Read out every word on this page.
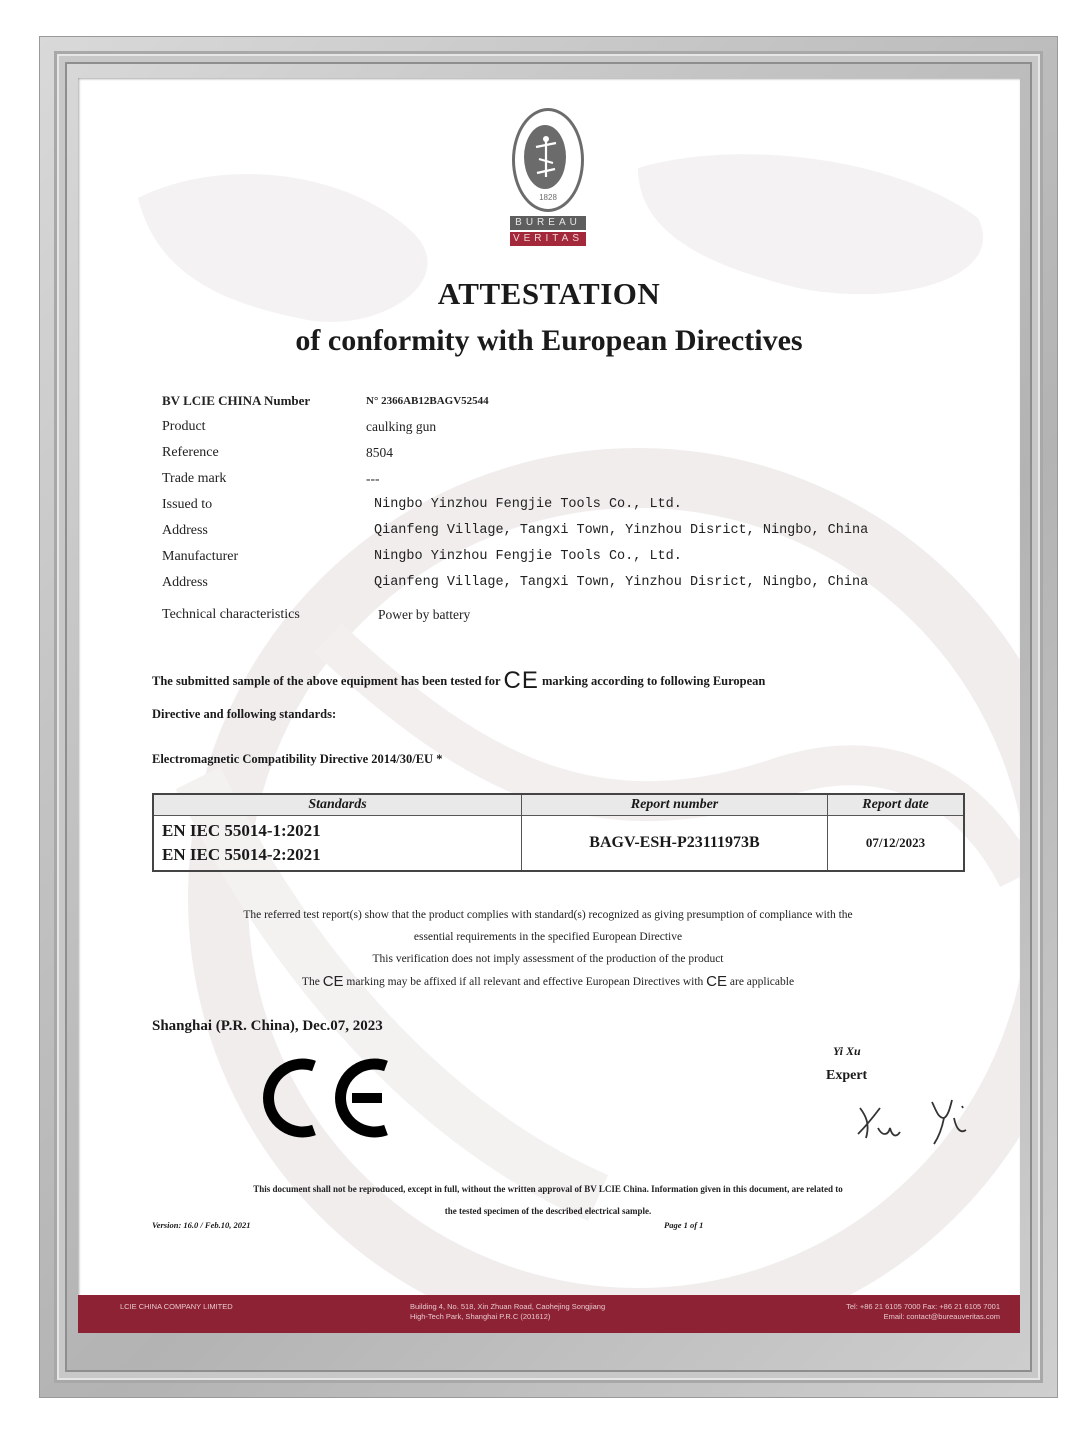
1828
BUREAU
VERITAS
ATTESTATION
of conformity with European Directives
BV LCIE CHINA Number	N° 2366AB12BAGV52544
Product	caulking gun
Reference	8504
Trade mark	---
Issued to	Ningbo Yinzhou Fengjie Tools Co., Ltd.
Address	Qianfeng Village, Tangxi Town, Yinzhou Disrict, Ningbo, China
Manufacturer	Ningbo Yinzhou Fengjie Tools Co., Ltd.
Address	Qianfeng Village, Tangxi Town, Yinzhou Disrict, Ningbo, China
Technical characteristics	Power by battery
The submitted sample of the above equipment has been tested for CE marking according to following European
Directive and following standards:
Electromagnetic Compatibility Directive 2014/30/EU *
Standards	Report number	Report date

EN IEC 55014-1:2021
EN IEC 55014-2:2021	BAGV-ESH-P23111973B	07/12/2023
The referred test report(s) show that the product complies with standard(s) recognized as giving presumption of compliance with the
essential requirements in the specified European Directive
This verification does not imply assessment of the production of the product
The CE marking may be affixed if all relevant and effective European Directives with CE are applicable
Shanghai (P.R. China), Dec.07, 2023
Yi Xu
Expert
This document shall not be reproduced, except in full, without the written approval of BV LCIE China. Information given in this document, are related to
the tested specimen of the described electrical sample.
Version: 16.0 / Feb.10, 2021	Page 1 of 1
LCIE CHINA COMPANY LIMITED	Building 4, No. 518, Xin Zhuan Road, Caohejing Songjiang
High-Tech Park, Shanghai P.R.C (201612)
Tel: +86 21 6105 7000 Fax: +86 21 6105 7001
Email: contact@bureauveritas.com
